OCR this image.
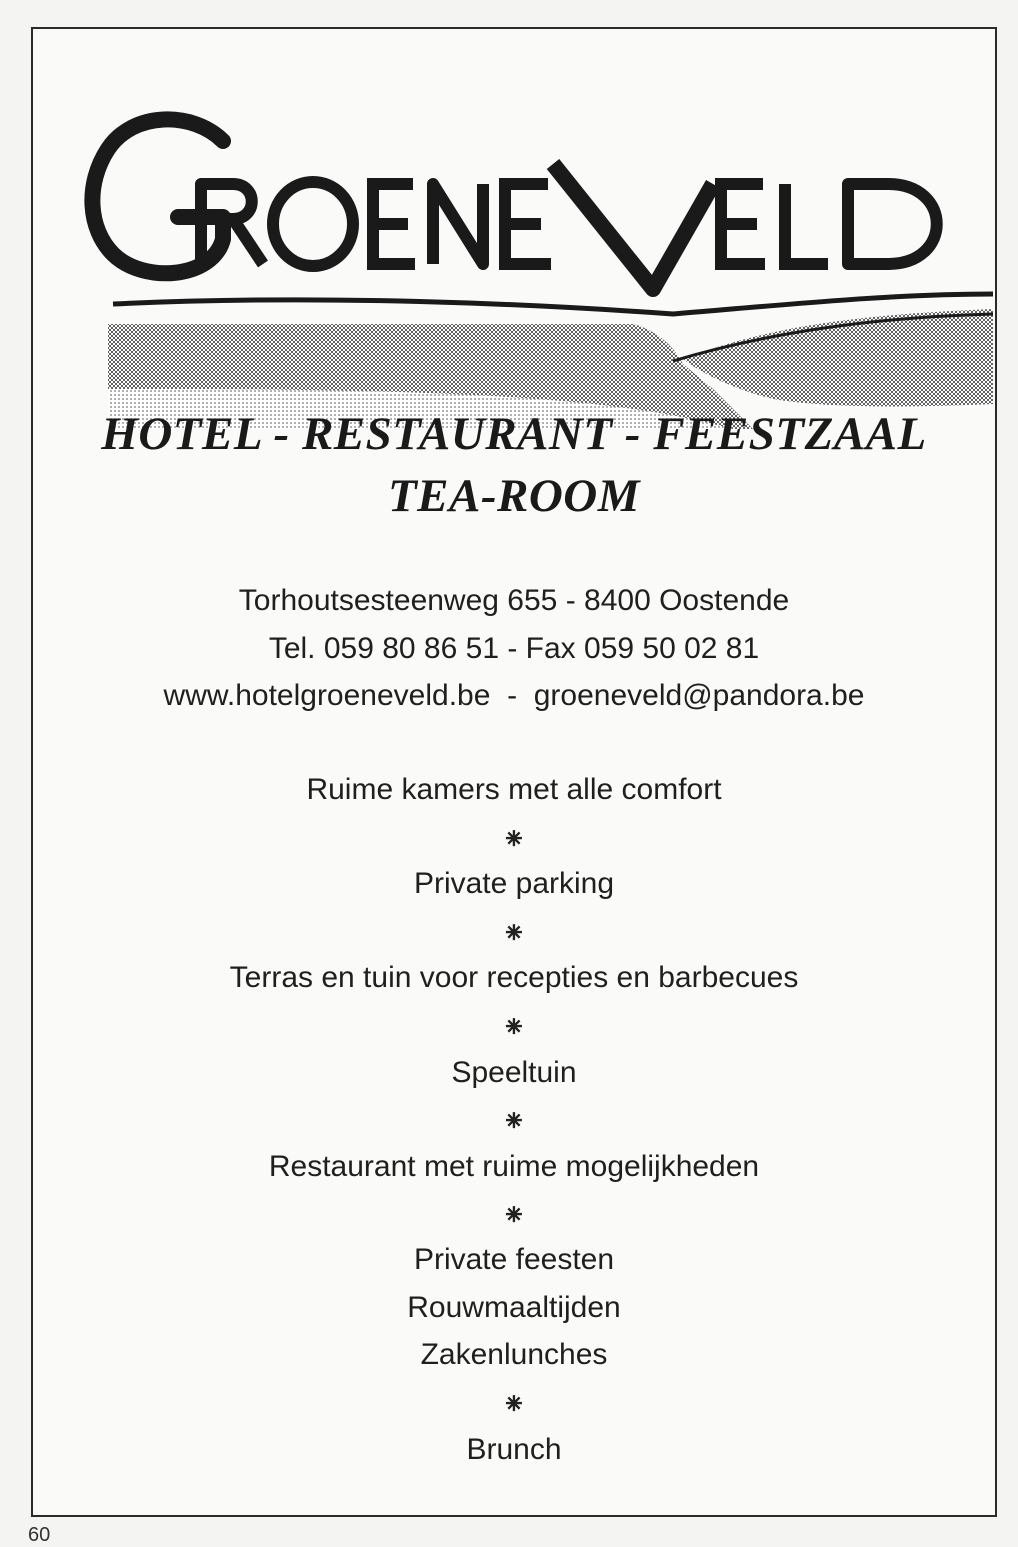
HOTEL - RESTAURANT - FEESTZAAL
TEA-ROOM
Torhoutsesteenweg 655 - 8400 Oostende
Tel. 059 80 86 51 - Fax 059 50 02 81
www.hotelgroeneveld.be  -  groeneveld@pandora.be
Ruime kamers met alle comfort
⁕
Private parking
⁕
Terras en tuin voor recepties en barbecues
⁕
Speeltuin
⁕
Restaurant met ruime mogelijkheden
⁕
Private feesten
Rouwmaaltijden
Zakenlunches
⁕
Brunch
60
